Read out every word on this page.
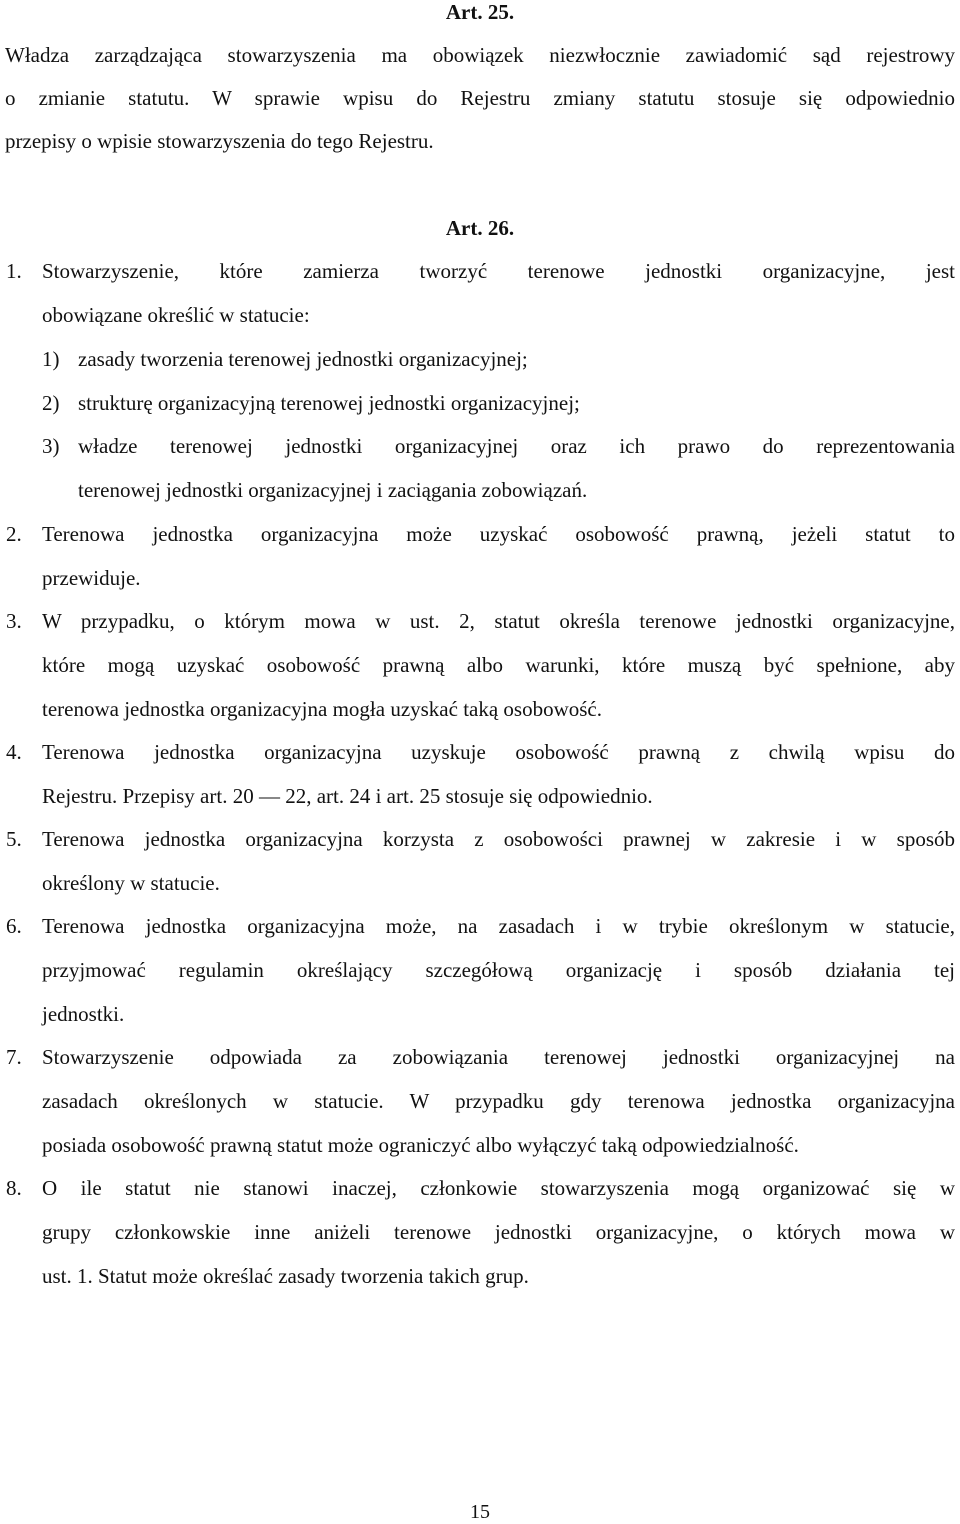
Art. 25.
Władza zarządzająca stowarzyszenia ma obowiązek niezwłocznie zawiadomić sąd rejestrowy
o zmianie statutu. W sprawie wpisu do Rejestru zmiany statutu stosuje się odpowiednio
przepisy o wpisie stowarzyszenia do tego Rejestru.
Art. 26.
1. Stowarzyszenie, które zamierza tworzyć terenowe jednostki organizacyjne, jest
obowiązane określić w statucie:
1) zasady tworzenia terenowej jednostki organizacyjnej;
2) strukturę organizacyjną terenowej jednostki organizacyjnej;
3) władze terenowej jednostki organizacyjnej oraz ich prawo do reprezentowania
terenowej jednostki organizacyjnej i zaciągania zobowiązań.
2. Terenowa jednostka organizacyjna może uzyskać osobowość prawną, jeżeli statut to
przewiduje.
3. W przypadku, o którym mowa w ust. 2, statut określa terenowe jednostki organizacyjne,
które mogą uzyskać osobowość prawną albo warunki, które muszą być spełnione, aby
terenowa jednostka organizacyjna mogła uzyskać taką osobowość.
4. Terenowa jednostka organizacyjna uzyskuje osobowość prawną z chwilą wpisu do
Rejestru. Przepisy art. 20 — 22, art. 24 i art. 25 stosuje się odpowiednio.
5. Terenowa jednostka organizacyjna korzysta z osobowości prawnej w zakresie i w sposób
określony w statucie.
6. Terenowa jednostka organizacyjna może, na zasadach i w trybie określonym w statucie,
przyjmować regulamin określający szczegółową organizację i sposób działania tej
jednostki.
7. Stowarzyszenie odpowiada za zobowiązania terenowej jednostki organizacyjnej na
zasadach określonych w statucie. W przypadku gdy terenowa jednostka organizacyjna
posiada osobowość prawną statut może ograniczyć albo wyłączyć taką odpowiedzialność.
8. O ile statut nie stanowi inaczej, członkowie stowarzyszenia mogą organizować się w
grupy członkowskie inne aniżeli terenowe jednostki organizacyjne, o których mowa w
ust. 1. Statut może określać zasady tworzenia takich grup.
15
